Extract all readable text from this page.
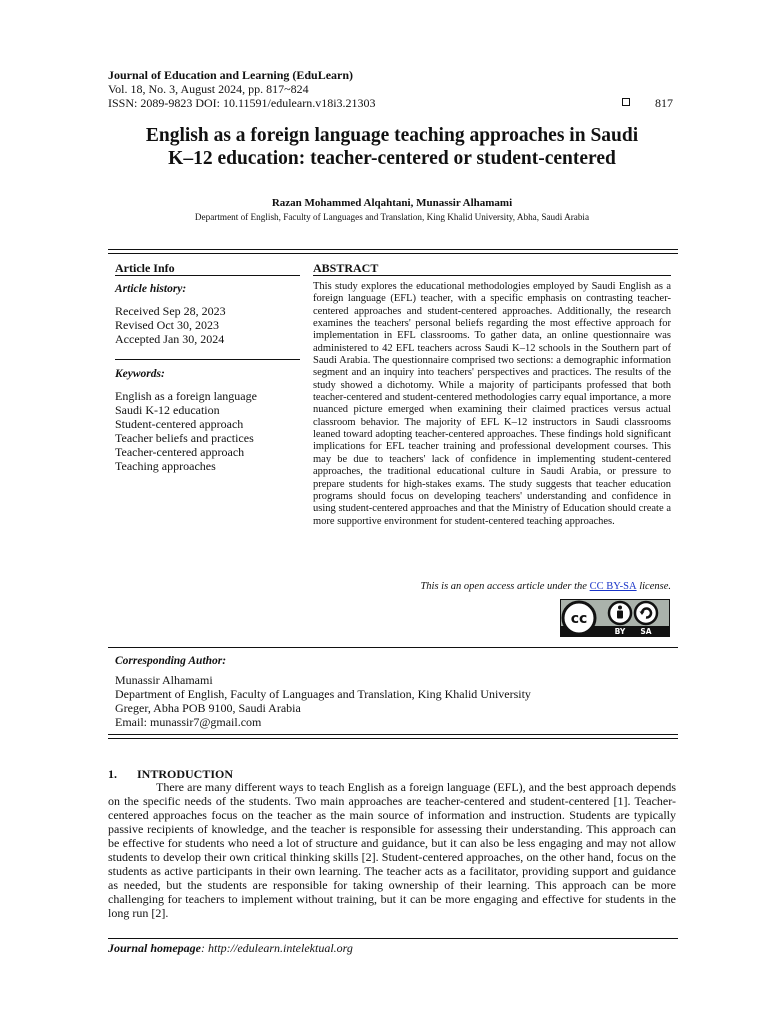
Journal of Education and Learning (EduLearn)
Vol. 18, No. 3, August 2024, pp. 817~824
ISSN: 2089-9823 DOI: 10.11591/edulearn.v18i3.21303	817
English as a foreign language teaching approaches in Saudi
K–12 education: teacher-centered or student-centered
Razan Mohammed Alqahtani, Munassir Alhamami
Department of English, Faculty of Languages and Translation, King Khalid University, Abha, Saudi Arabia
Article Info	ABSTRACT
Article history:
Received Sep 28, 2023
Revised Oct 30, 2023
Accepted Jan 30, 2024
Keywords:
English as a foreign language
Saudi K-12 education
Student-centered approach
Teacher beliefs and practices
Teacher-centered approach
Teaching approaches
This study explores the educational methodologies employed by Saudi English as a foreign language (EFL) teacher, with a specific emphasis on contrasting teacher-centered approaches and student-centered approaches. Additionally, the research examines the teachers' personal beliefs regarding the most effective approach for implementation in EFL classrooms. To gather data, an online questionnaire was administered to 42 EFL teachers across Saudi K‒12 schools in the Southern part of Saudi Arabia. The questionnaire comprised two sections: a demographic information segment and an inquiry into teachers' perspectives and practices. The results of the study showed a dichotomy. While a majority of participants professed that both teacher-centered and student-centered methodologies carry equal importance, a more nuanced picture emerged when examining their claimed practices versus actual classroom behavior. The majority of EFL K‒12 instructors in Saudi classrooms leaned toward adopting teacher-centered approaches. These findings hold significant implications for EFL teacher training and professional development courses. This may be due to teachers' lack of confidence in implementing student-centered approaches, the traditional educational culture in Saudi Arabia, or pressure to prepare students for high-stakes exams. The study suggests that teacher education programs should focus on developing teachers' understanding and confidence in using student-centered approaches and that the Ministry of Education should create a more supportive environment for student-centered teaching approaches.
This is an open access article under the CC BY-SA license.
cc
BY SA
Corresponding Author:
Munassir Alhamami
Department of English, Faculty of Languages and Translation, King Khalid University
Greger, Abha POB 9100, Saudi Arabia
Email: munassir7@gmail.com
1. INTRODUCTION
There are many different ways to teach English as a foreign language (EFL), and the best approach depends on the specific needs of the students. Two main approaches are teacher-centered and student-centered [1]. Teacher-centered approaches focus on the teacher as the main source of information and instruction. Students are typically passive recipients of knowledge, and the teacher is responsible for assessing their understanding. This approach can be effective for students who need a lot of structure and guidance, but it can also be less engaging and may not allow students to develop their own critical thinking skills [2]. Student-centered approaches, on the other hand, focus on the students as active participants in their own learning. The teacher acts as a facilitator, providing support and guidance as needed, but the students are responsible for taking ownership of their learning. This approach can be more challenging for teachers to implement without training, but it can be more engaging and effective for students in the long run [2].
Journal homepage: http://edulearn.intelektual.org
